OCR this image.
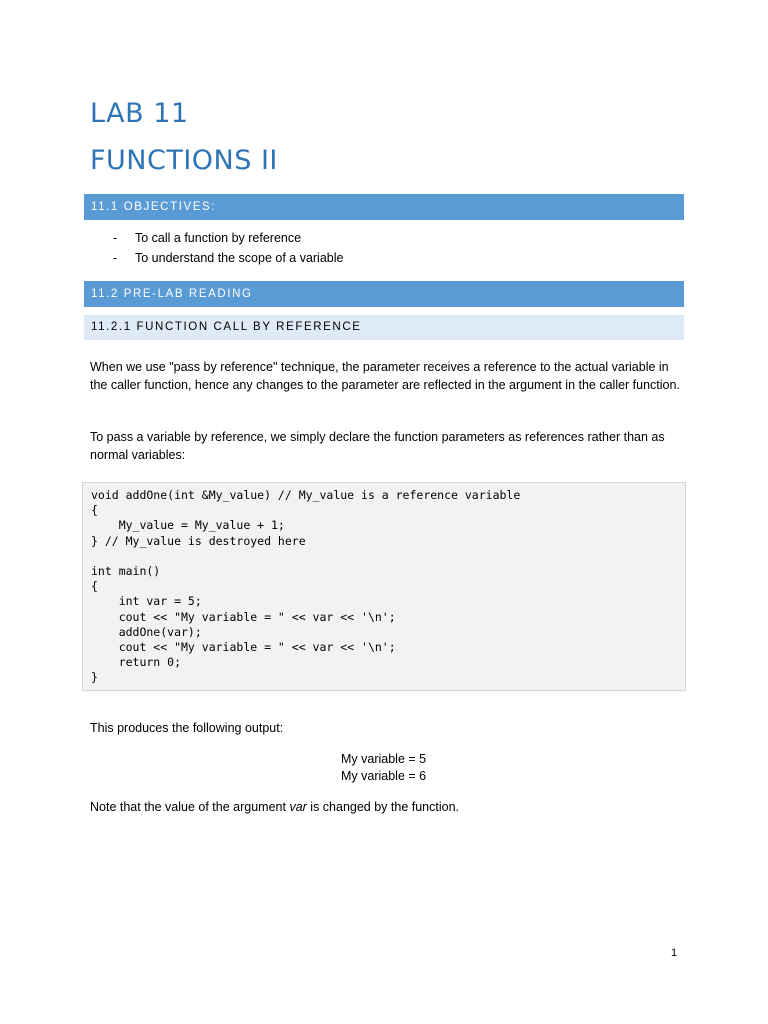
LAB 11
FUNCTIONS II
11.1 OBJECTIVES:
- To call a function by reference
- To understand the scope of a variable
11.2 PRE-LAB READING
11.2.1 FUNCTION CALL BY REFERENCE

When we use "pass by reference" technique, the parameter receives a reference to the actual variable in the caller function, hence any changes to the parameter are reflected in the argument in the caller function.

To pass a variable by reference, we simply declare the function parameters as references rather than as normal variables:

void addOne(int &My_value) // My_value is a reference variable
{
My_value = My_value + 1;
} // My_value is destroyed here

int main()
{
int var = 5;
cout << "My variable = " << var << '\n';
addOne(var);
cout << "My variable = " << var << '\n';
return 0;
}

This produces the following output:

My variable = 5
My variable = 6

Note that the value of the argument var is changed by the function.

1
